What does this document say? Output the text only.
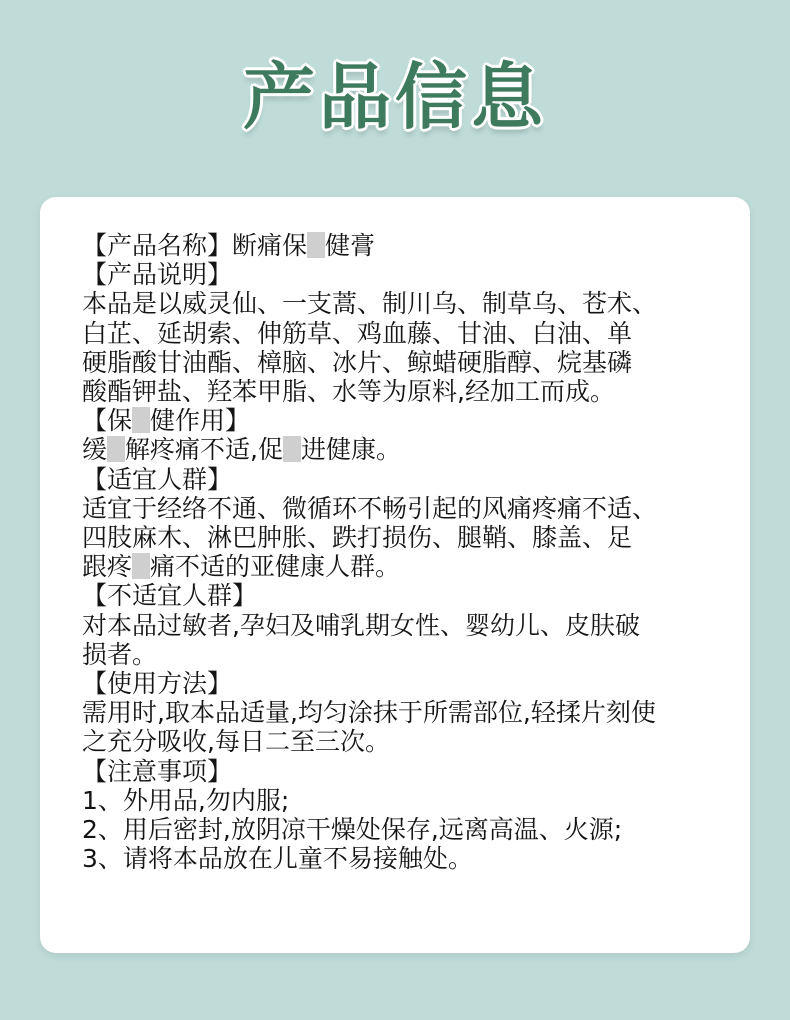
产品信息
【产品名称】断痛保 健膏
【产品说明】
本品是以威灵仙、一支蒿、制川乌、制草乌、苍术、
白芷、延胡索、伸筋草、鸡血藤、甘油、白油、单
硬脂酸甘油酯、樟脑、冰片、鲸蜡硬脂醇、烷基磷
酸酯钾盐、羟苯甲脂、水等为原料,经加工而成。
【保 健作用】
缓 解疼痛不适,促 进健康。
【适宜人群】
适宜于经络不通、微循环不畅引起的风痛疼痛不适、
四肢麻木、淋巴肿胀、跌打损伤、腿鞘、膝盖、足
跟疼 痛不适的亚健康人群。
【不适宜人群】
对本品过敏者,孕妇及哺乳期女性、婴幼儿、皮肤破
损者。
【使用方法】
需用时,取本品适量,均匀涂抹于所需部位,轻揉片刻使
之充分吸收,每日二至三次。
【注意事项】
1、外用品,勿内服;
2、用后密封,放阴凉干燥处保存,远离高温、火源;
3、请将本品放在儿童不易接触处。
